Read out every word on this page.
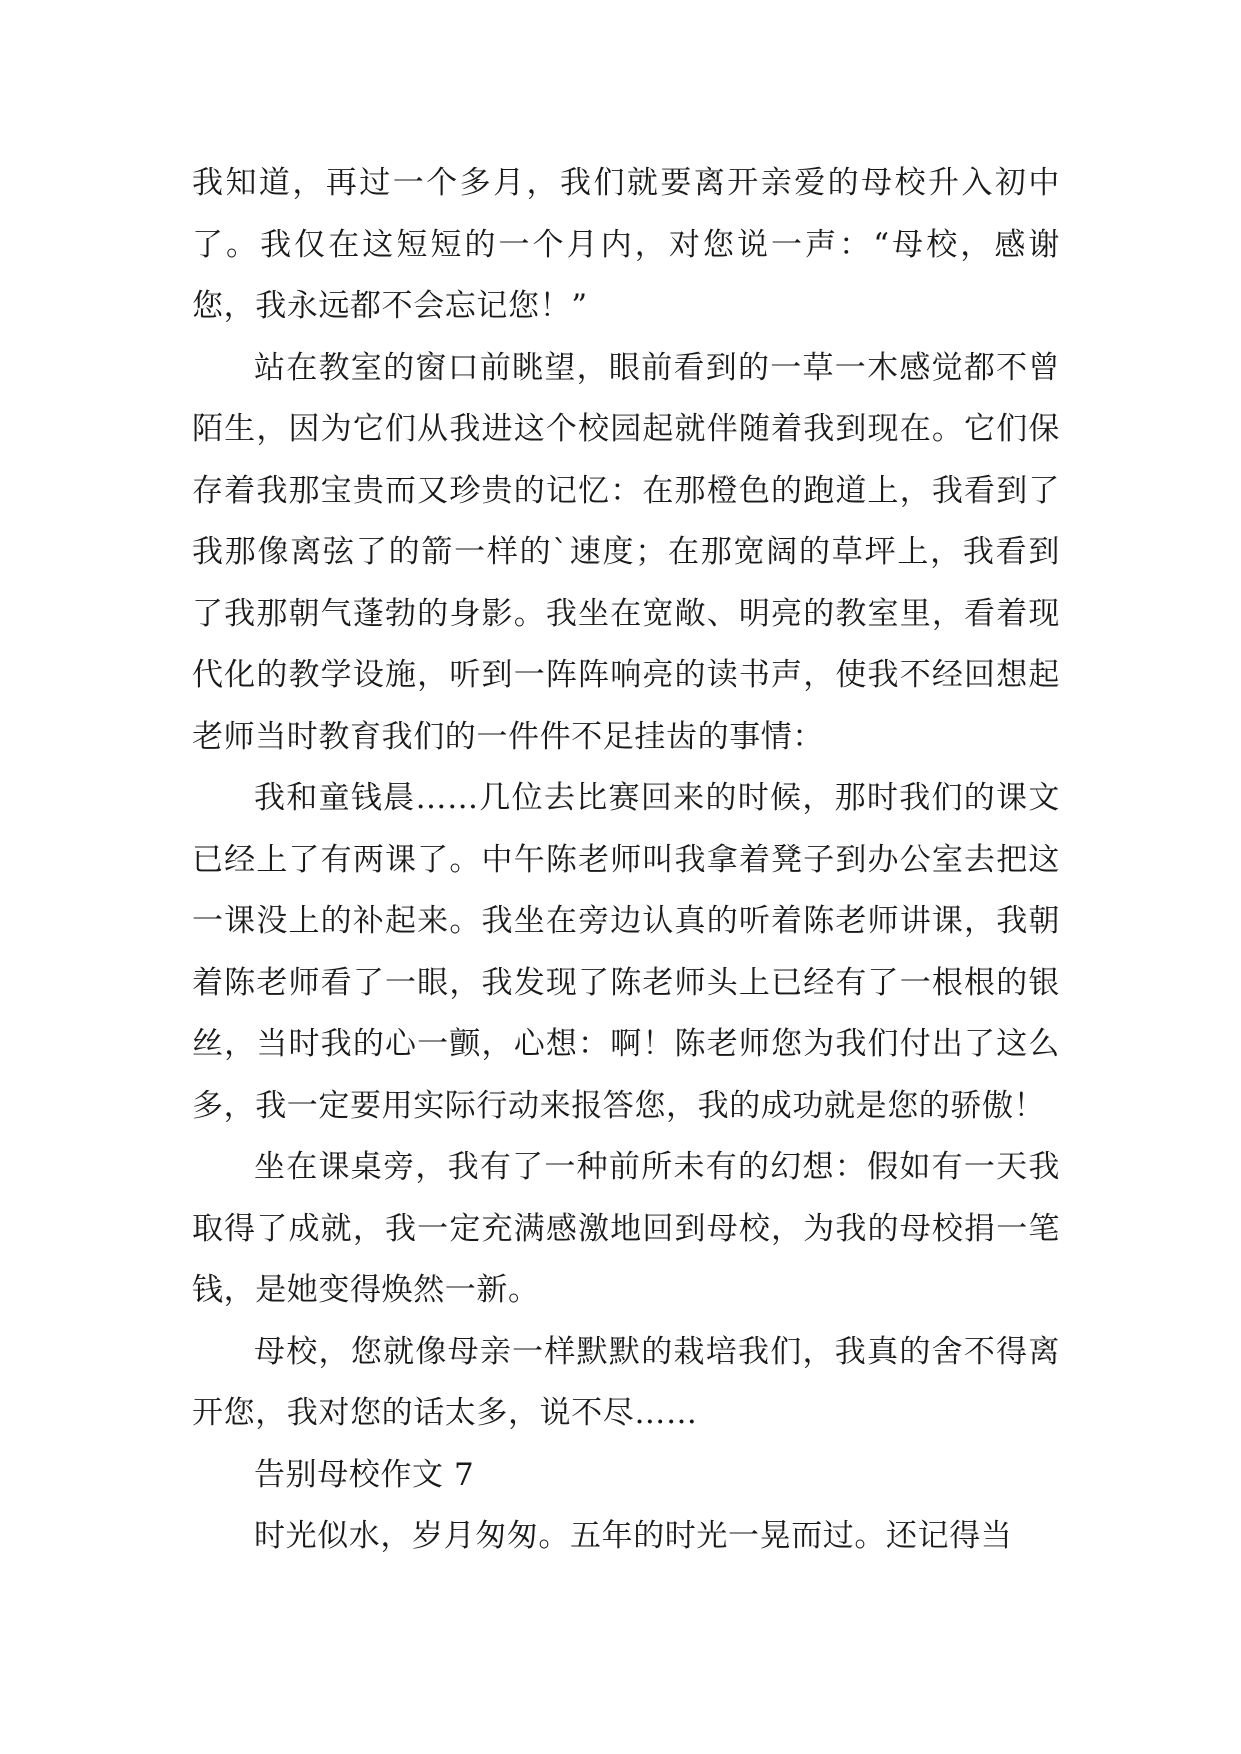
我知道，再过一个多月，我们就要离开亲爱的母校升入初中了。我仅在这短短的一个月内，对您说一声：“母校，感谢您，我永远都不会忘记您！”

站在教室的窗口前眺望，眼前看到的一草一木感觉都不曾陌生，因为它们从我进这个校园起就伴随着我到现在。它们保存着我那宝贵而又珍贵的记忆：在那橙色的跑道上，我看到了我那像离弦了的箭一样的`速度；在那宽阔的草坪上，我看到了我那朝气蓬勃的身影。我坐在宽敞、明亮的教室里，看着现代化的教学设施，听到一阵阵响亮的读书声，使我不经回想起老师当时教育我们的一件件不足挂齿的事情：

我和童钱晨……几位去比赛回来的时候，那时我们的课文已经上了有两课了。中午陈老师叫我拿着凳子到办公室去把这一课没上的补起来。我坐在旁边认真的听着陈老师讲课，我朝着陈老师看了一眼，我发现了陈老师头上已经有了一根根的银丝，当时我的心一颤，心想：啊！陈老师您为我们付出了这么多，我一定要用实际行动来报答您，我的成功就是您的骄傲！

坐在课桌旁，我有了一种前所未有的幻想：假如有一天我取得了成就，我一定充满感激地回到母校，为我的母校捐一笔钱，是她变得焕然一新。

母校，您就像母亲一样默默的栽培我们，我真的舍不得离开您，我对您的话太多，说不尽……

告别母校作文 7

时光似水，岁月匆匆。五年的时光一晃而过。还记得当
